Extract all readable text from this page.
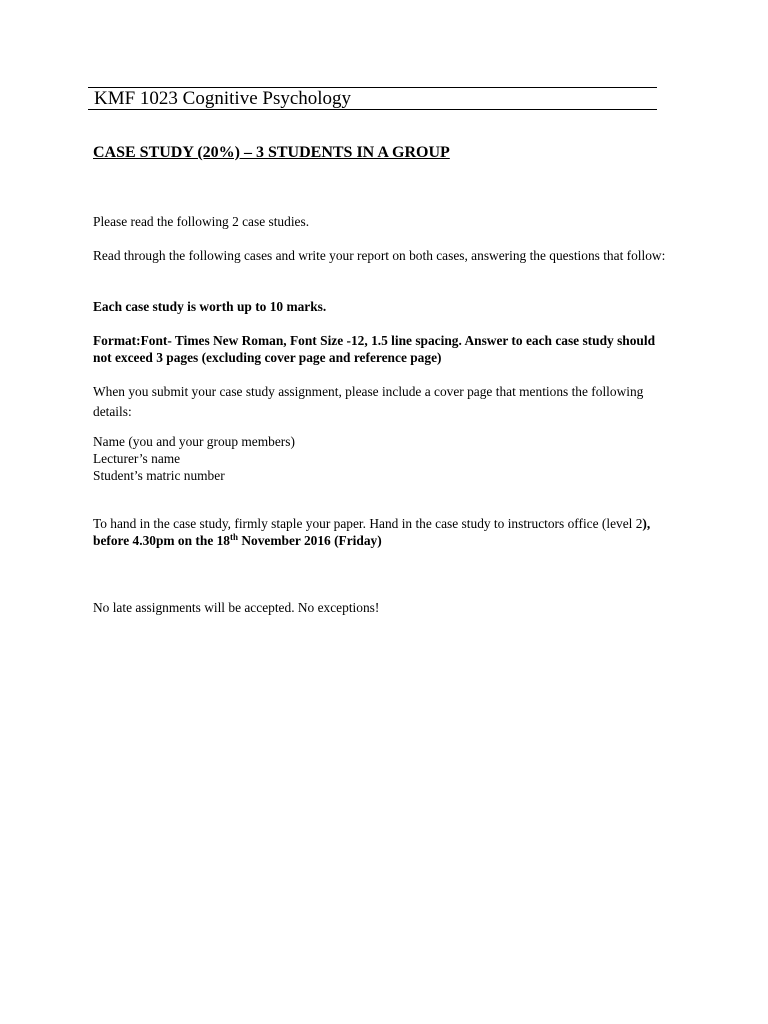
KMF 1023 Cognitive Psychology
CASE STUDY (20%) – 3 STUDENTS IN A GROUP
Please read the following 2 case studies.
Read through the following cases and write your report on both cases, answering the questions that follow:
Each case study is worth up to 10 marks.
Format:Font- Times New Roman, Font Size -12, 1.5 line spacing. Answer to each case study should not exceed 3 pages (excluding cover page and reference page)
When you submit your case study assignment, please include a cover page that mentions the following details:
Name (you and your group members)
Lecturer’s name
Student’s matric number
To hand in the case study, firmly staple your paper. Hand in the case study to instructors office (level 2), before 4.30pm on the 18th November 2016 (Friday)
No late assignments will be accepted. No exceptions!
